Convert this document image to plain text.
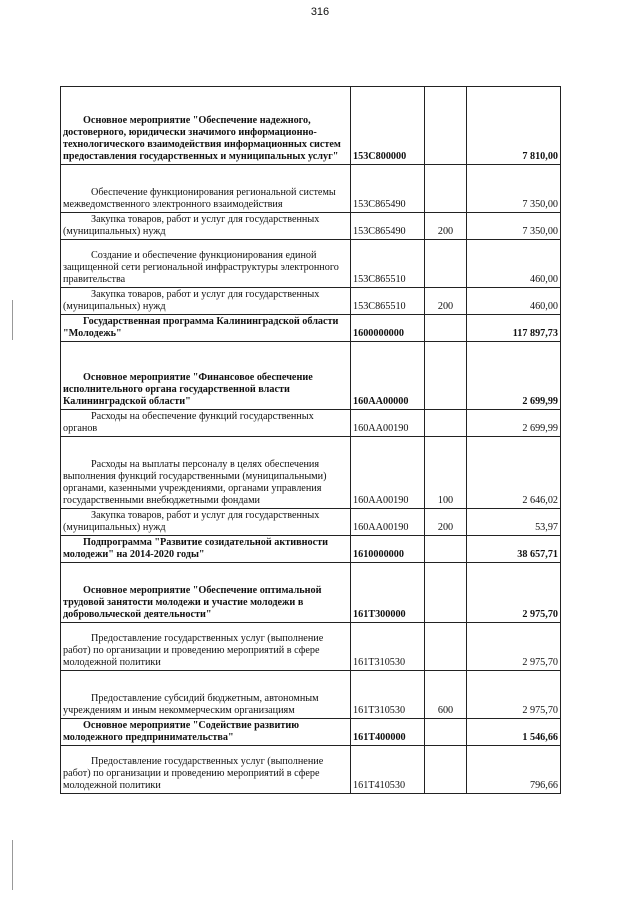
316
Основное мероприятие "Обеспечение надежного, достоверного, юридически значимого информационно-технологического взаимодействия информационных систем предоставления государственных и муниципальных услуг"	153С800000		7 810,00
Обеспечение функционирования региональной системы межведомственного электронного взаимодействия	153С865490		7 350,00
Закупка товаров, работ и услуг для государственных (муниципальных) нужд	153С865490	200	7 350,00
Создание и обеспечение функционирования единой защищенной сети региональной инфраструктуры электронного правительства	153С865510		460,00
Закупка товаров, работ и услуг для государственных (муниципальных) нужд	153С865510	200	460,00
Государственная программа Калининградской области "Молодежь"	1600000000		117 897,73
Основное мероприятие "Финансовое обеспечение исполнительного органа государственной власти Калининградской области"	160АА00000		2 699,99
Расходы на обеспечение функций государственных органов	160АА00190		2 699,99
Расходы на выплаты персоналу в целях обеспечения выполнения функций государственными (муниципальными) органами, казенными учреждениями, органами управления государственными внебюджетными фондами	160АА00190	100	2 646,02
Закупка товаров, работ и услуг для государственных (муниципальных) нужд	160АА00190	200	53,97
Подпрограмма "Развитие созидательной активности молодежи" на 2014-2020 годы"	1610000000		38 657,71
Основное мероприятие "Обеспечение оптимальной трудовой занятости молодежи и участие молодежи в добровольческой деятельности"	161Т300000		2 975,70
Предоставление государственных услуг (выполнение работ) по организации и проведению мероприятий в сфере молодежной политики	161Т310530		2 975,70
Предоставление субсидий бюджетным, автономным учреждениям и иным некоммерческим организациям	161Т310530	600	2 975,70
Основное мероприятие "Содействие развитию молодежного предпринимательства"	161Т400000		1 546,66
Предоставление государственных услуг (выполнение работ) по организации и проведению мероприятий в сфере молодежной политики	161Т410530		796,66
